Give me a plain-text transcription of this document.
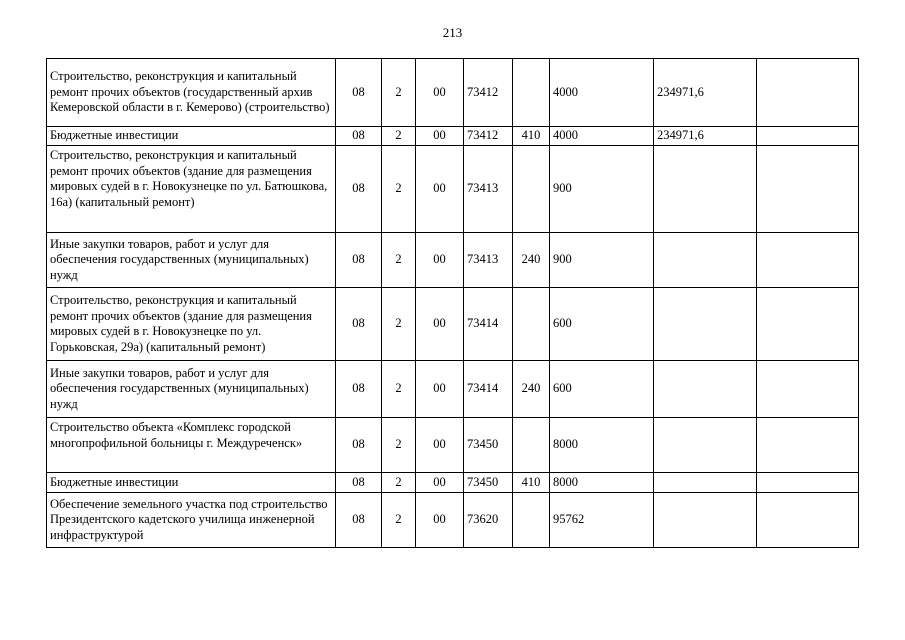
213
Строительство, реконструкция и капитальный ремонт прочих объектов (государственный архив Кемеровской области в г. Кемерово) (строительство)	08	2	00	73412		4000	234971,6	
Бюджетные инвестиции	08	2	00	73412	410	4000	234971,6	
Строительство, реконструкция и капитальный ремонт прочих объектов (здание для размещения мировых судей в г. Новокузнецке по ул. Батюшкова, 16а) (капитальный ремонт)	08	2	00	73413		900		
Иные закупки товаров, работ и услуг для обеспечения государственных (муниципальных) нужд	08	2	00	73413	240	900		
Строительство, реконструкция и капитальный ремонт прочих объектов (здание для размещения мировых судей в г. Новокузнецке по ул. Горьковская, 29а) (капитальный ремонт)	08	2	00	73414		600		
Иные закупки товаров, работ и услуг для обеспечения государственных (муниципальных) нужд	08	2	00	73414	240	600		
Строительство объекта «Комплекс городской многопрофильной больницы г. Междуреченск»	08	2	00	73450		8000		
Бюджетные инвестиции	08	2	00	73450	410	8000		
Обеспечение земельного участка под строительство Президентского кадетского училища инженерной инфраструктурой	08	2	00	73620		95762		
